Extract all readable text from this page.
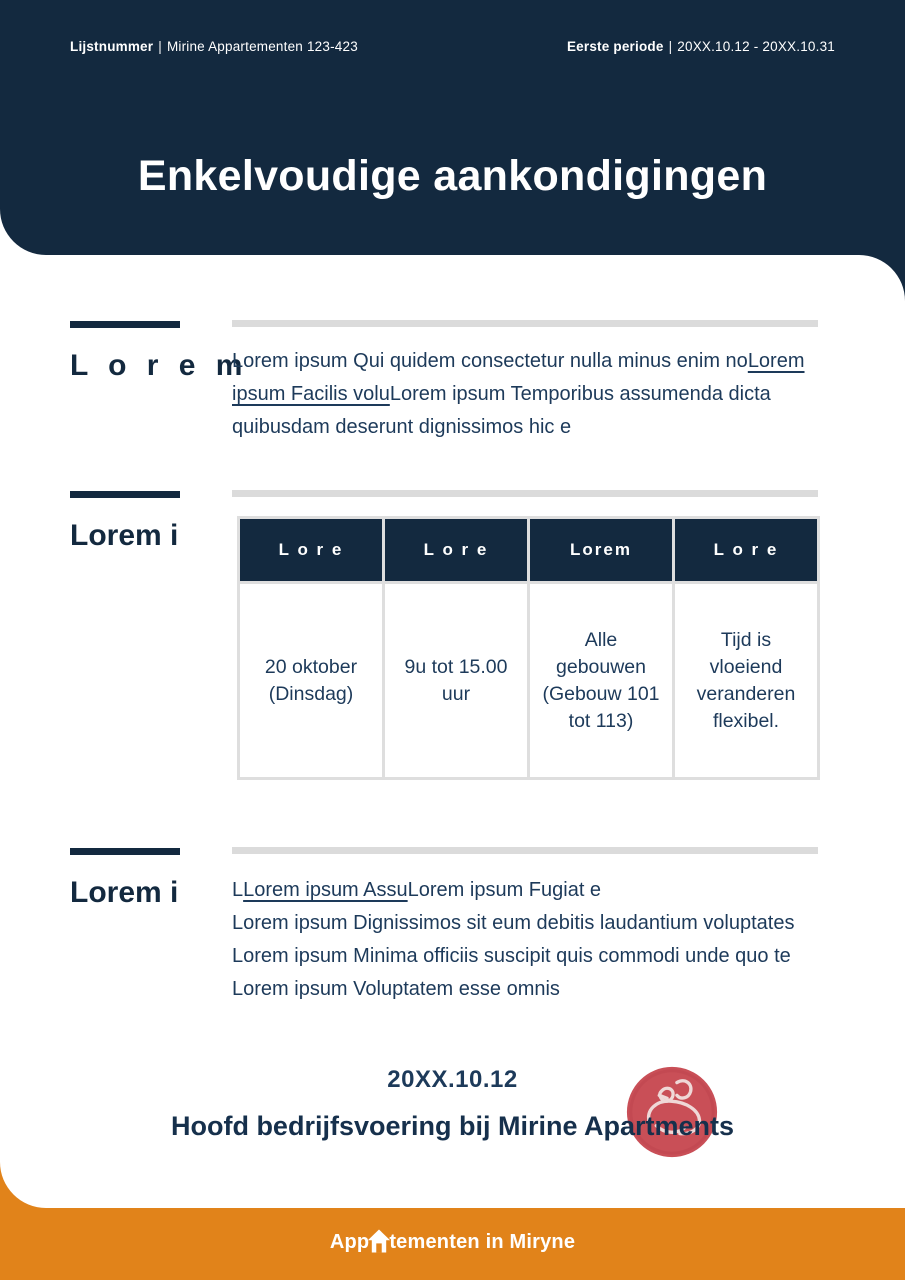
Lijstnummer | Mirine Appartementen 123-423	Eerste periode | 20XX.10.12 - 20XX.10.31
Enkelvoudige aankondigingen
L o r e m

Lorem ipsum Qui quidem consectetur nulla minus enim noLorem ipsum Facilis voluLorem ipsum Temporibus assumenda dicta quibusdam deserunt dignissimos hic e

Lorem i	L o r e	L o r e	Lorem	L o r e
20 oktober (Dinsdag)	9u tot 15.00 uur	Alle gebouwen (Gebouw 101 tot 113)	Tijd is vloeiend veranderen flexibel.
Lorem i	LLorem ipsum AssuLorem ipsum Fugiat e
Lorem ipsum Dignissimos sit eum debitis laudantium voluptates
Lorem ipsum Minima officiis suscipit quis commodi unde quo te
Lorem ipsum Voluptatem esse omnis
20XX.10.12
Hoofd bedrijfsvoering bij Mirine Apartments
App tementen in Miryne
